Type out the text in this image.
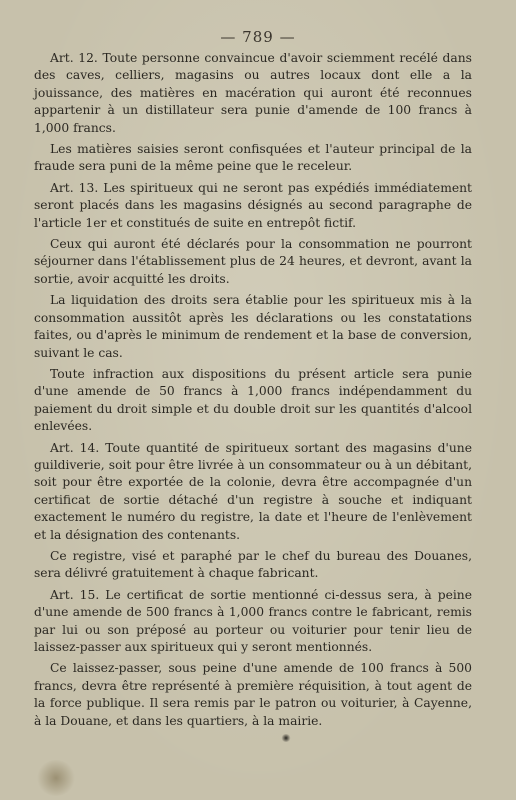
— 789 —

Art. 12. Toute personne convaincue d'avoir sciemment recélé dans des caves, celliers, magasins ou autres locaux dont elle a la jouissance, des matières en macération qui auront été reconnues appartenir à un distillateur sera punie d'amende de 100 francs à 1,000 francs.

Les matières saisies seront confisquées et l'auteur principal de la fraude sera puni de la même peine que le receleur.

Art. 13. Les spiritueux qui ne seront pas expédiés immédiatement seront placés dans les magasins désignés au second paragraphe de l'article 1er et constitués de suite en entrepôt fictif.

Ceux qui auront été déclarés pour la consommation ne pourront séjourner dans l'établissement plus de 24 heures, et devront, avant la sortie, avoir acquitté les droits.

La liquidation des droits sera établie pour les spiritueux mis à la consommation aussitôt après les déclarations ou les constatations faites, ou d'après le minimum de rendement et la base de conversion, suivant le cas.

Toute infraction aux dispositions du présent article sera punie d'une amende de 50 francs à 1,000 francs indépendamment du paiement du droit simple et du double droit sur les quantités d'alcool enlevées.

Art. 14. Toute quantité de spiritueux sortant des magasins d'une guildiverie, soit pour être livrée à un consommateur ou à un débitant, soit pour être exportée de la colonie, devra être accompagnée d'un certificat de sortie détaché d'un registre à souche et indiquant exactement le numéro du registre, la date et l'heure de l'enlèvement et la désignation des contenants.

Ce registre, visé et paraphé par le chef du bureau des Douanes, sera délivré gratuitement à chaque fabricant.

Art. 15. Le certificat de sortie mentionné ci-dessus sera, à peine d'une amende de 500 francs à 1,000 francs contre le fabricant, remis par lui ou son préposé au porteur ou voiturier pour tenir lieu de laissez-passer aux spiritueux qui y seront mentionnés.

Ce laissez-passer, sous peine d'une amende de 100 francs à 500 francs, devra être représenté à première réquisition, à tout agent de la force publique. Il sera remis par le patron ou voiturier, à Cayenne, à la Douane, et dans les quartiers, à la mairie.
